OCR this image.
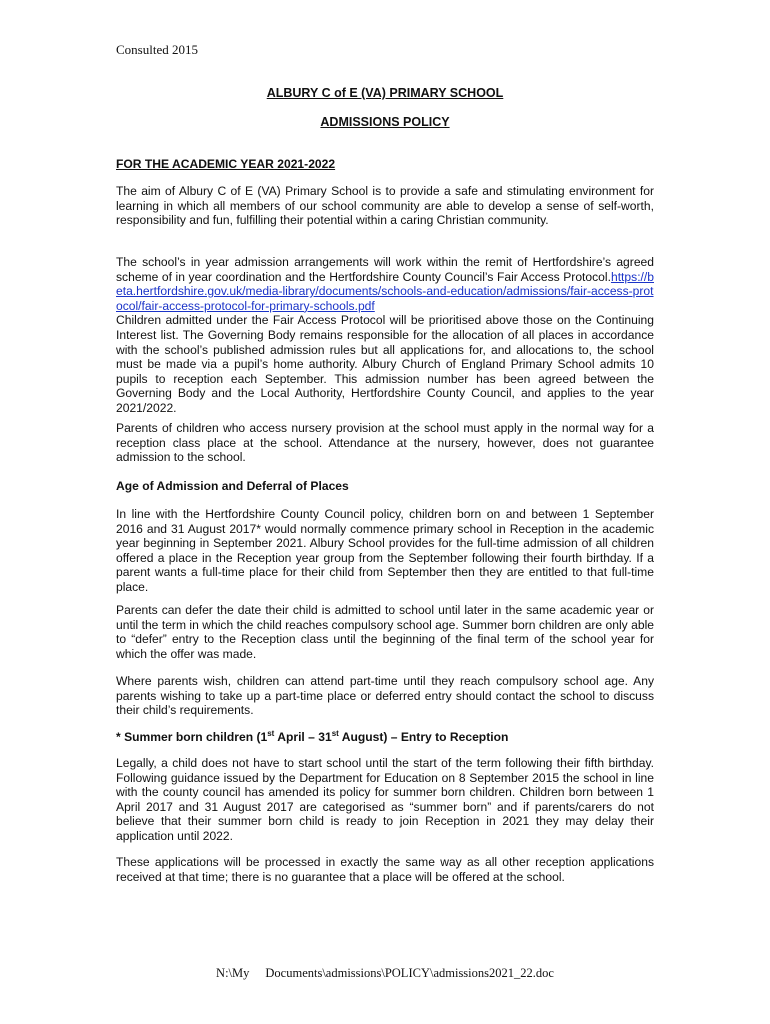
Consulted 2015
ALBURY C of E (VA) PRIMARY SCHOOL
ADMISSIONS POLICY
FOR THE ACADEMIC YEAR 2021-2022

The aim of Albury C of E (VA) Primary School is to provide a safe and stimulating environment for learning in which all members of our school community are able to develop a sense of self-worth, responsibility and fun, fulfilling their potential within a caring Christian community.

The school’s in year admission arrangements will work within the remit of Hertfordshire’s agreed scheme of in year coordination and the Hertfordshire County Council’s Fair Access Protocol.https://beta.hertfordshire.gov.uk/media-library/documents/schools-and-education/admissions/fair-access-protocol/fair-access-protocol-for-primary-schools.pdf

Children admitted under the Fair Access Protocol will be prioritised above those on the Continuing Interest list. The Governing Body remains responsible for the allocation of all places in accordance with the school’s published admission rules but all applications for, and allocations to, the school must be made via a pupil’s home authority. Albury Church of England Primary School admits 10 pupils to reception each September. This admission number has been agreed between the Governing Body and the Local Authority, Hertfordshire County Council, and applies to the year 2021/2022.

Parents of children who access nursery provision at the school must apply in the normal way for a reception class place at the school. Attendance at the nursery, however, does not guarantee admission to the school.

Age of Admission and Deferral of Places

In line with the Hertfordshire County Council policy, children born on and between 1 September 2016 and 31 August 2017* would normally commence primary school in Reception in the academic year beginning in September 2021. Albury School provides for the full-time admission of all children offered a place in the Reception year group from the September following their fourth birthday. If a parent wants a full-time place for their child from September then they are entitled to that full-time place.

Parents can defer the date their child is admitted to school until later in the same academic year or until the term in which the child reaches compulsory school age. Summer born children are only able to “defer” entry to the Reception class until the beginning of the final term of the school year for which the offer was made.

Where parents wish, children can attend part-time until they reach compulsory school age. Any parents wishing to take up a part-time place or deferred entry should contact the school to discuss their child’s requirements.

* Summer born children (1st April – 31st August) – Entry to Reception

Legally, a child does not have to start school until the start of the term following their fifth birthday. Following guidance issued by the Department for Education on 8 September 2015 the school in line with the county council has amended its policy for summer born children. Children born between 1 April 2017 and 31 August 2017 are categorised as “summer born” and if parents/carers do not believe that their summer born child is ready to join Reception in 2021 they may delay their application until 2022.

These applications will be processed in exactly the same way as all other reception applications received at that time; there is no guarantee that a place will be offered at the school.

N:\My Documents\admissions\POLICY\admissions2021_22.doc
